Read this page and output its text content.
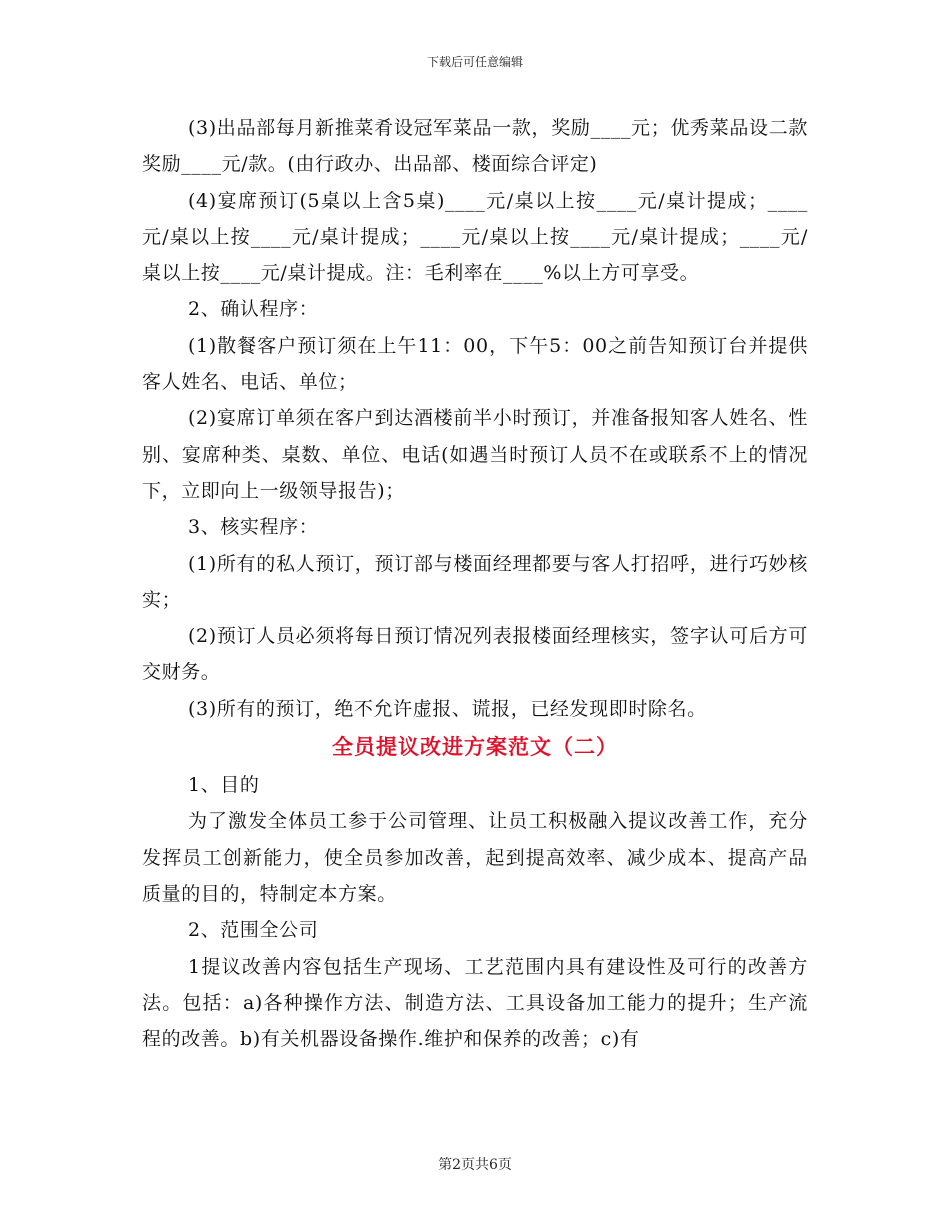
下载后可任意编辑

(3)出品部每月新推菜肴设冠军菜品一款，奖励____元；优秀菜品设二款奖励____元/款。(由行政办、出品部、楼面综合评定)

(4)宴席预订(5桌以上含5桌)____元/桌以上按____元/桌计提成；____元/桌以上按____元/桌计提成；____元/桌以上按____元/桌计提成；____元/桌以上按____元/桌计提成。注：毛利率在____%以上方可享受。

2、确认程序：

(1)散餐客户预订须在上午11：00，下午5：00之前告知预订台并提供客人姓名、电话、单位；

(2)宴席订单须在客户到达酒楼前半小时预订，并准备报知客人姓名、性别、宴席种类、桌数、单位、电话(如遇当时预订人员不在或联系不上的情况下，立即向上一级领导报告)；

3、核实程序：

(1)所有的私人预订，预订部与楼面经理都要与客人打招呼，进行巧妙核实；

(2)预订人员必须将每日预订情况列表报楼面经理核实，签字认可后方可交财务。

(3)所有的预订，绝不允许虚报、谎报，已经发现即时除名。

全员提议改进方案范文（二）

1、目的

为了激发全体员工参于公司管理、让员工积极融入提议改善工作，充分发挥员工创新能力，使全员参加改善，起到提高效率、减少成本、提高产品质量的目的，特制定本方案。

2、范围全公司

1提议改善内容包括生产现场、工艺范围内具有建设性及可行的改善方法。包括：a)各种操作方法、制造方法、工具设备加工能力的提升；生产流程的改善。b)有关机器设备操作.维护和保养的改善；c)有

第2页共6页
